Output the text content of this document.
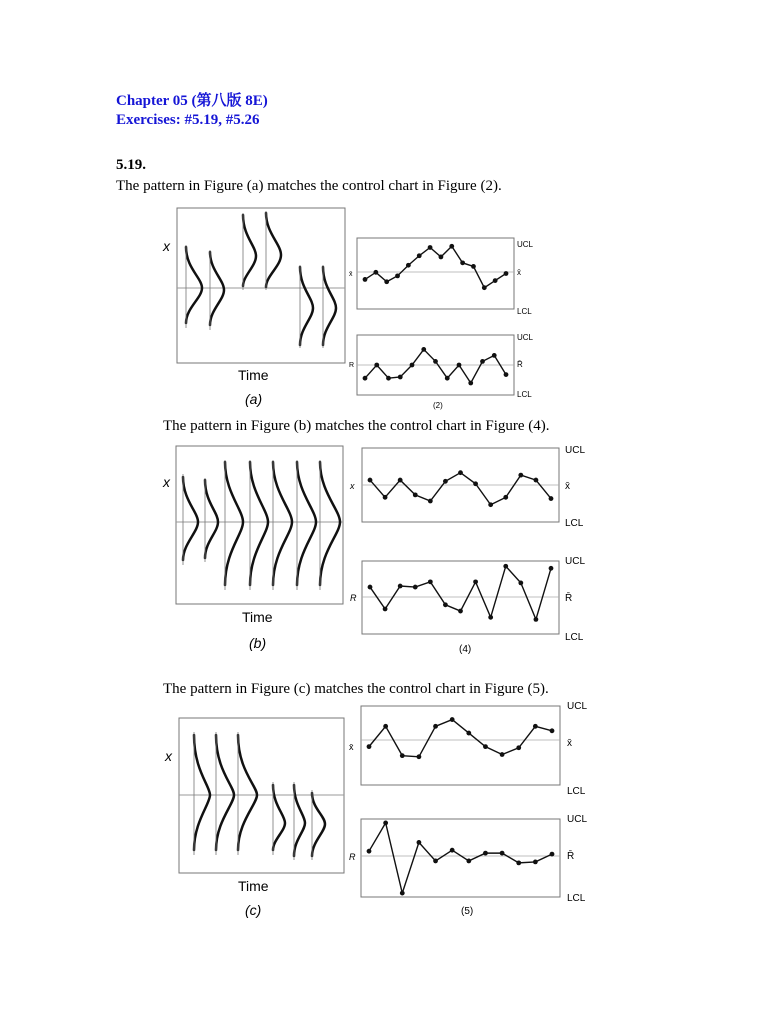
Chapter 05 (第八版 8E)
Exercises: #5.19, #5.26
5.19.
The pattern in Figure (a) matches the control chart in Figure (2).
The pattern in Figure (b) matches the control chart in Figure (4).
The pattern in Figure (c) matches the control chart in Figure (5).
x
Time
(a)
x
Time
(b)
x
Time
(c)
x̄
UCL
x̄
LCL
R
UCL
R̄
LCL
(2)
x
UCL
x̄
LCL
R
UCL
R̄
LCL
(4)
x̄
UCL
x̄
LCL
R
UCL
R̄
LCL
(5)
